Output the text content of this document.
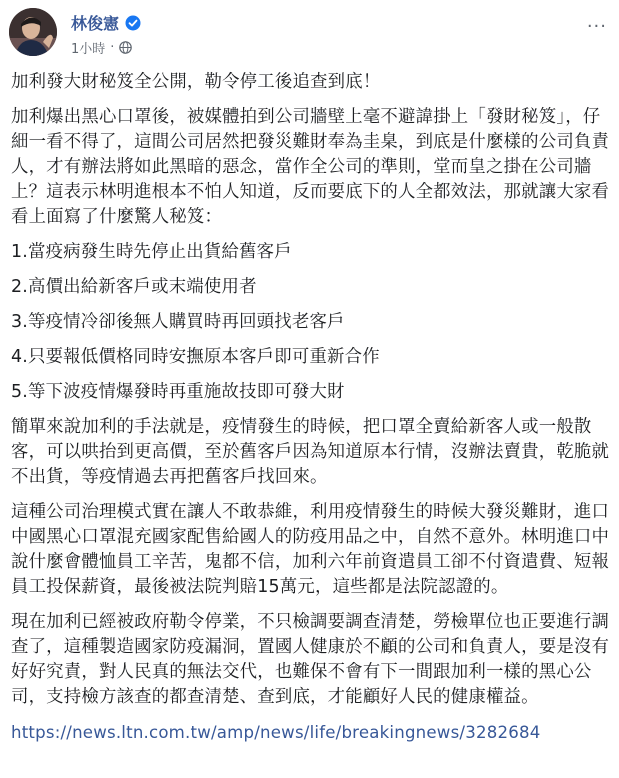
林俊憲
1小時 ·
···

加利發大財秘笈全公開，勒令停工後追查到底！

加利爆出黑心口罩後，被媒體拍到公司牆壁上毫不避諱掛上「發財秘笈」，仔細一看不得了，這間公司居然把發災難財奉為圭臬，到底是什麼樣的公司負責人，才有辦法將如此黑暗的惡念，當作全公司的準則，堂而皇之掛在公司牆上？這表示林明進根本不怕人知道，反而要底下的人全都效法，那就讓大家看看上面寫了什麼驚人秘笈：

1.當疫病發生時先停止出貨給舊客戶
2.高價出給新客戶或末端使用者
3.等疫情冷卻後無人購買時再回頭找老客戶
4.只要報低價格同時安撫原本客戶即可重新合作
5.等下波疫情爆發時再重施故技即可發大財

簡單來說加利的手法就是，疫情發生的時候，把口罩全賣給新客人或一般散客，可以哄抬到更高價，至於舊客戶因為知道原本行情，沒辦法賣貴，乾脆就不出貨，等疫情過去再把舊客戶找回來。

這種公司治理模式實在讓人不敢恭維，利用疫情發生的時候大發災難財，進口中國黑心口罩混充國家配售給國人的防疫用品之中，自然不意外。林明進口中說什麼會體恤員工辛苦，鬼都不信，加利六年前資遣員工卻不付資遣費、短報員工投保薪資，最後被法院判賠15萬元，這些都是法院認證的。

現在加利已經被政府勒令停業，不只檢調要調查清楚，勞檢單位也正要進行調查了，這種製造國家防疫漏洞，置國人健康於不顧的公司和負責人，要是沒有好好究責，對人民真的無法交代，也難保不會有下一間跟加利一樣的黑心公司，支持檢方該查的都查清楚、查到底，才能顧好人民的健康權益。

https://news.ltn.com.tw/amp/news/life/breakingnews/3282684
